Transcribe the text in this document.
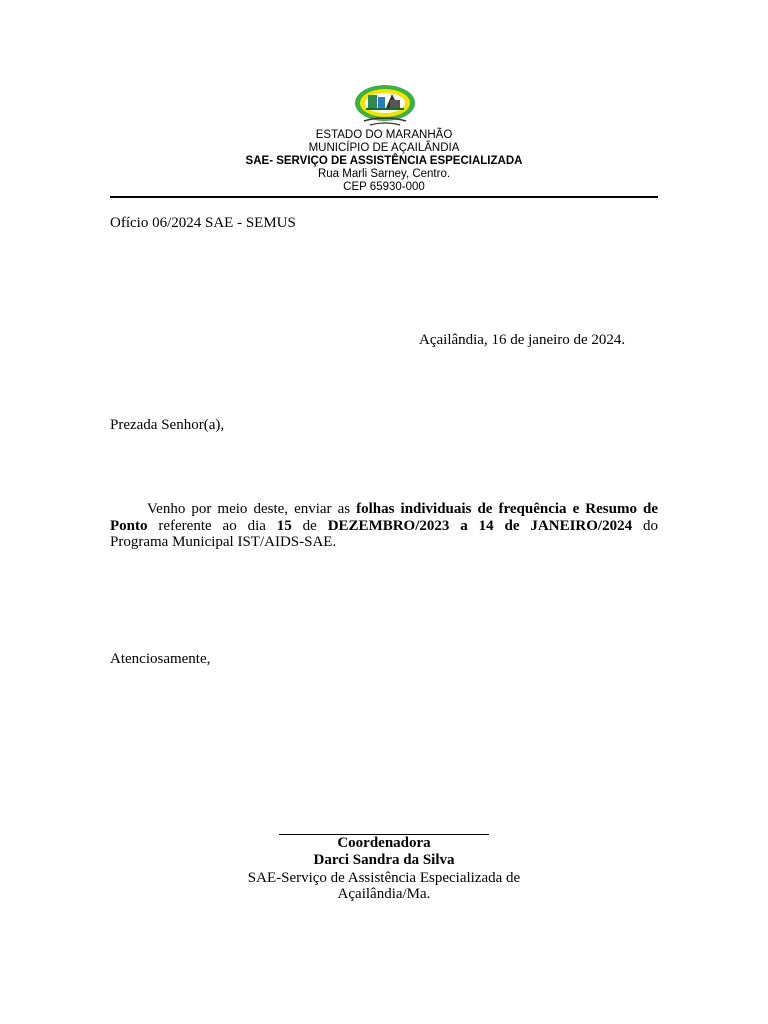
ESTADO DO MARANHÃO
MUNICÍPIO DE AÇAILÂNDIA
SAE- SERVIÇO DE ASSISTÊNCIA ESPECIALIZADA
Rua Marli Sarney, Centro.
CEP 65930-000
Ofício 06/2024 SAE - SEMUS
Açailândia, 16 de janeiro de 2024.
Prezada Senhor(a),
Venho por meio deste, enviar as folhas individuais de frequência e Resumo de
Ponto referente ao dia 15 de DEZEMBRO/2023 a 14 de JANEIRO/2024 do
Programa Municipal IST/AIDS-SAE.
Atenciosamente,
Coordenadora
Darci Sandra da Silva
SAE-Serviço de Assistência Especializada de
Açailândia/Ma.
